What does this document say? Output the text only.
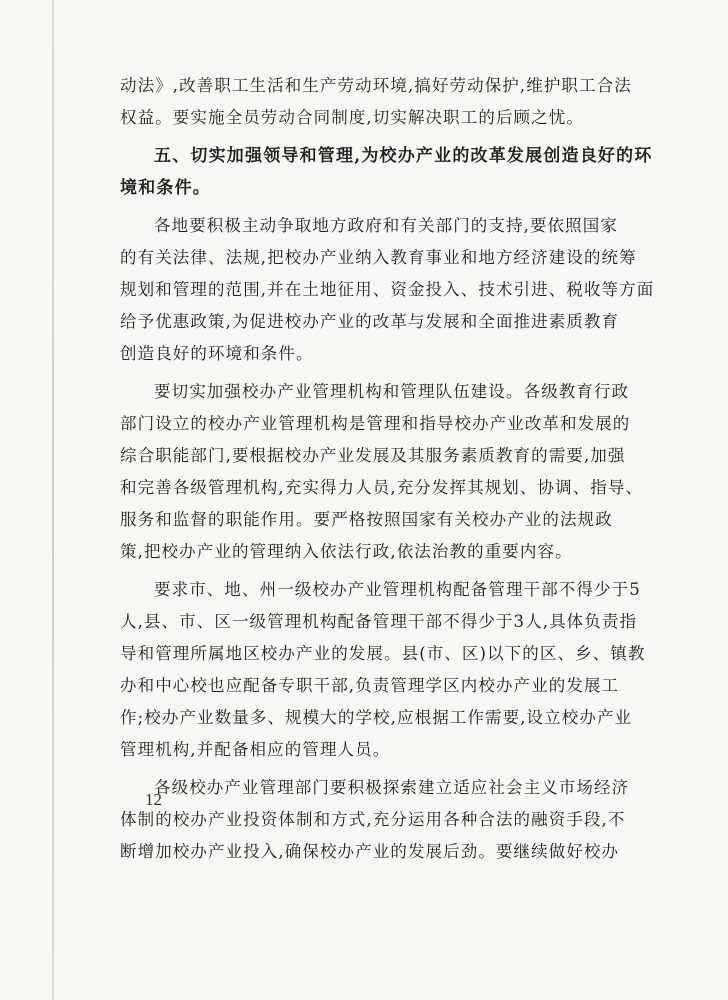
动法》,改善职工生活和生产劳动环境,搞好劳动保护,维护职工合法
权益。要实施全员劳动合同制度,切实解决职工的后顾之忧。
五、切实加强领导和管理,为校办产业的改革发展创造良好的环
境和条件。
各地要积极主动争取地方政府和有关部门的支持,要依照国家
的有关法律、法规,把校办产业纳入教育事业和地方经济建设的统筹
规划和管理的范围,并在土地征用、资金投入、技术引进、税收等方面
给予优惠政策,为促进校办产业的改革与发展和全面推进素质教育
创造良好的环境和条件。
要切实加强校办产业管理机构和管理队伍建设。各级教育行政
部门设立的校办产业管理机构是管理和指导校办产业改革和发展的
综合职能部门,要根据校办产业发展及其服务素质教育的需要,加强
和完善各级管理机构,充实得力人员,充分发挥其规划、协调、指导、
服务和监督的职能作用。要严格按照国家有关校办产业的法规政
策,把校办产业的管理纳入依法行政,依法治教的重要内容。
要求市、地、州一级校办产业管理机构配备管理干部不得少于5
人,县、市、区一级管理机构配备管理干部不得少于3人,具体负责指
导和管理所属地区校办产业的发展。县(市、区)以下的区、乡、镇教
办和中心校也应配备专职干部,负责管理学区内校办产业的发展工
作;校办产业数量多、规模大的学校,应根据工作需要,设立校办产业
管理机构,并配备相应的管理人员。
各级校办产业管理部门要积极探索建立适应社会主义市场经济
体制的校办产业投资体制和方式,充分运用各种合法的融资手段,不
断增加校办产业投入,确保校办产业的发展后劲。要继续做好校办
12
